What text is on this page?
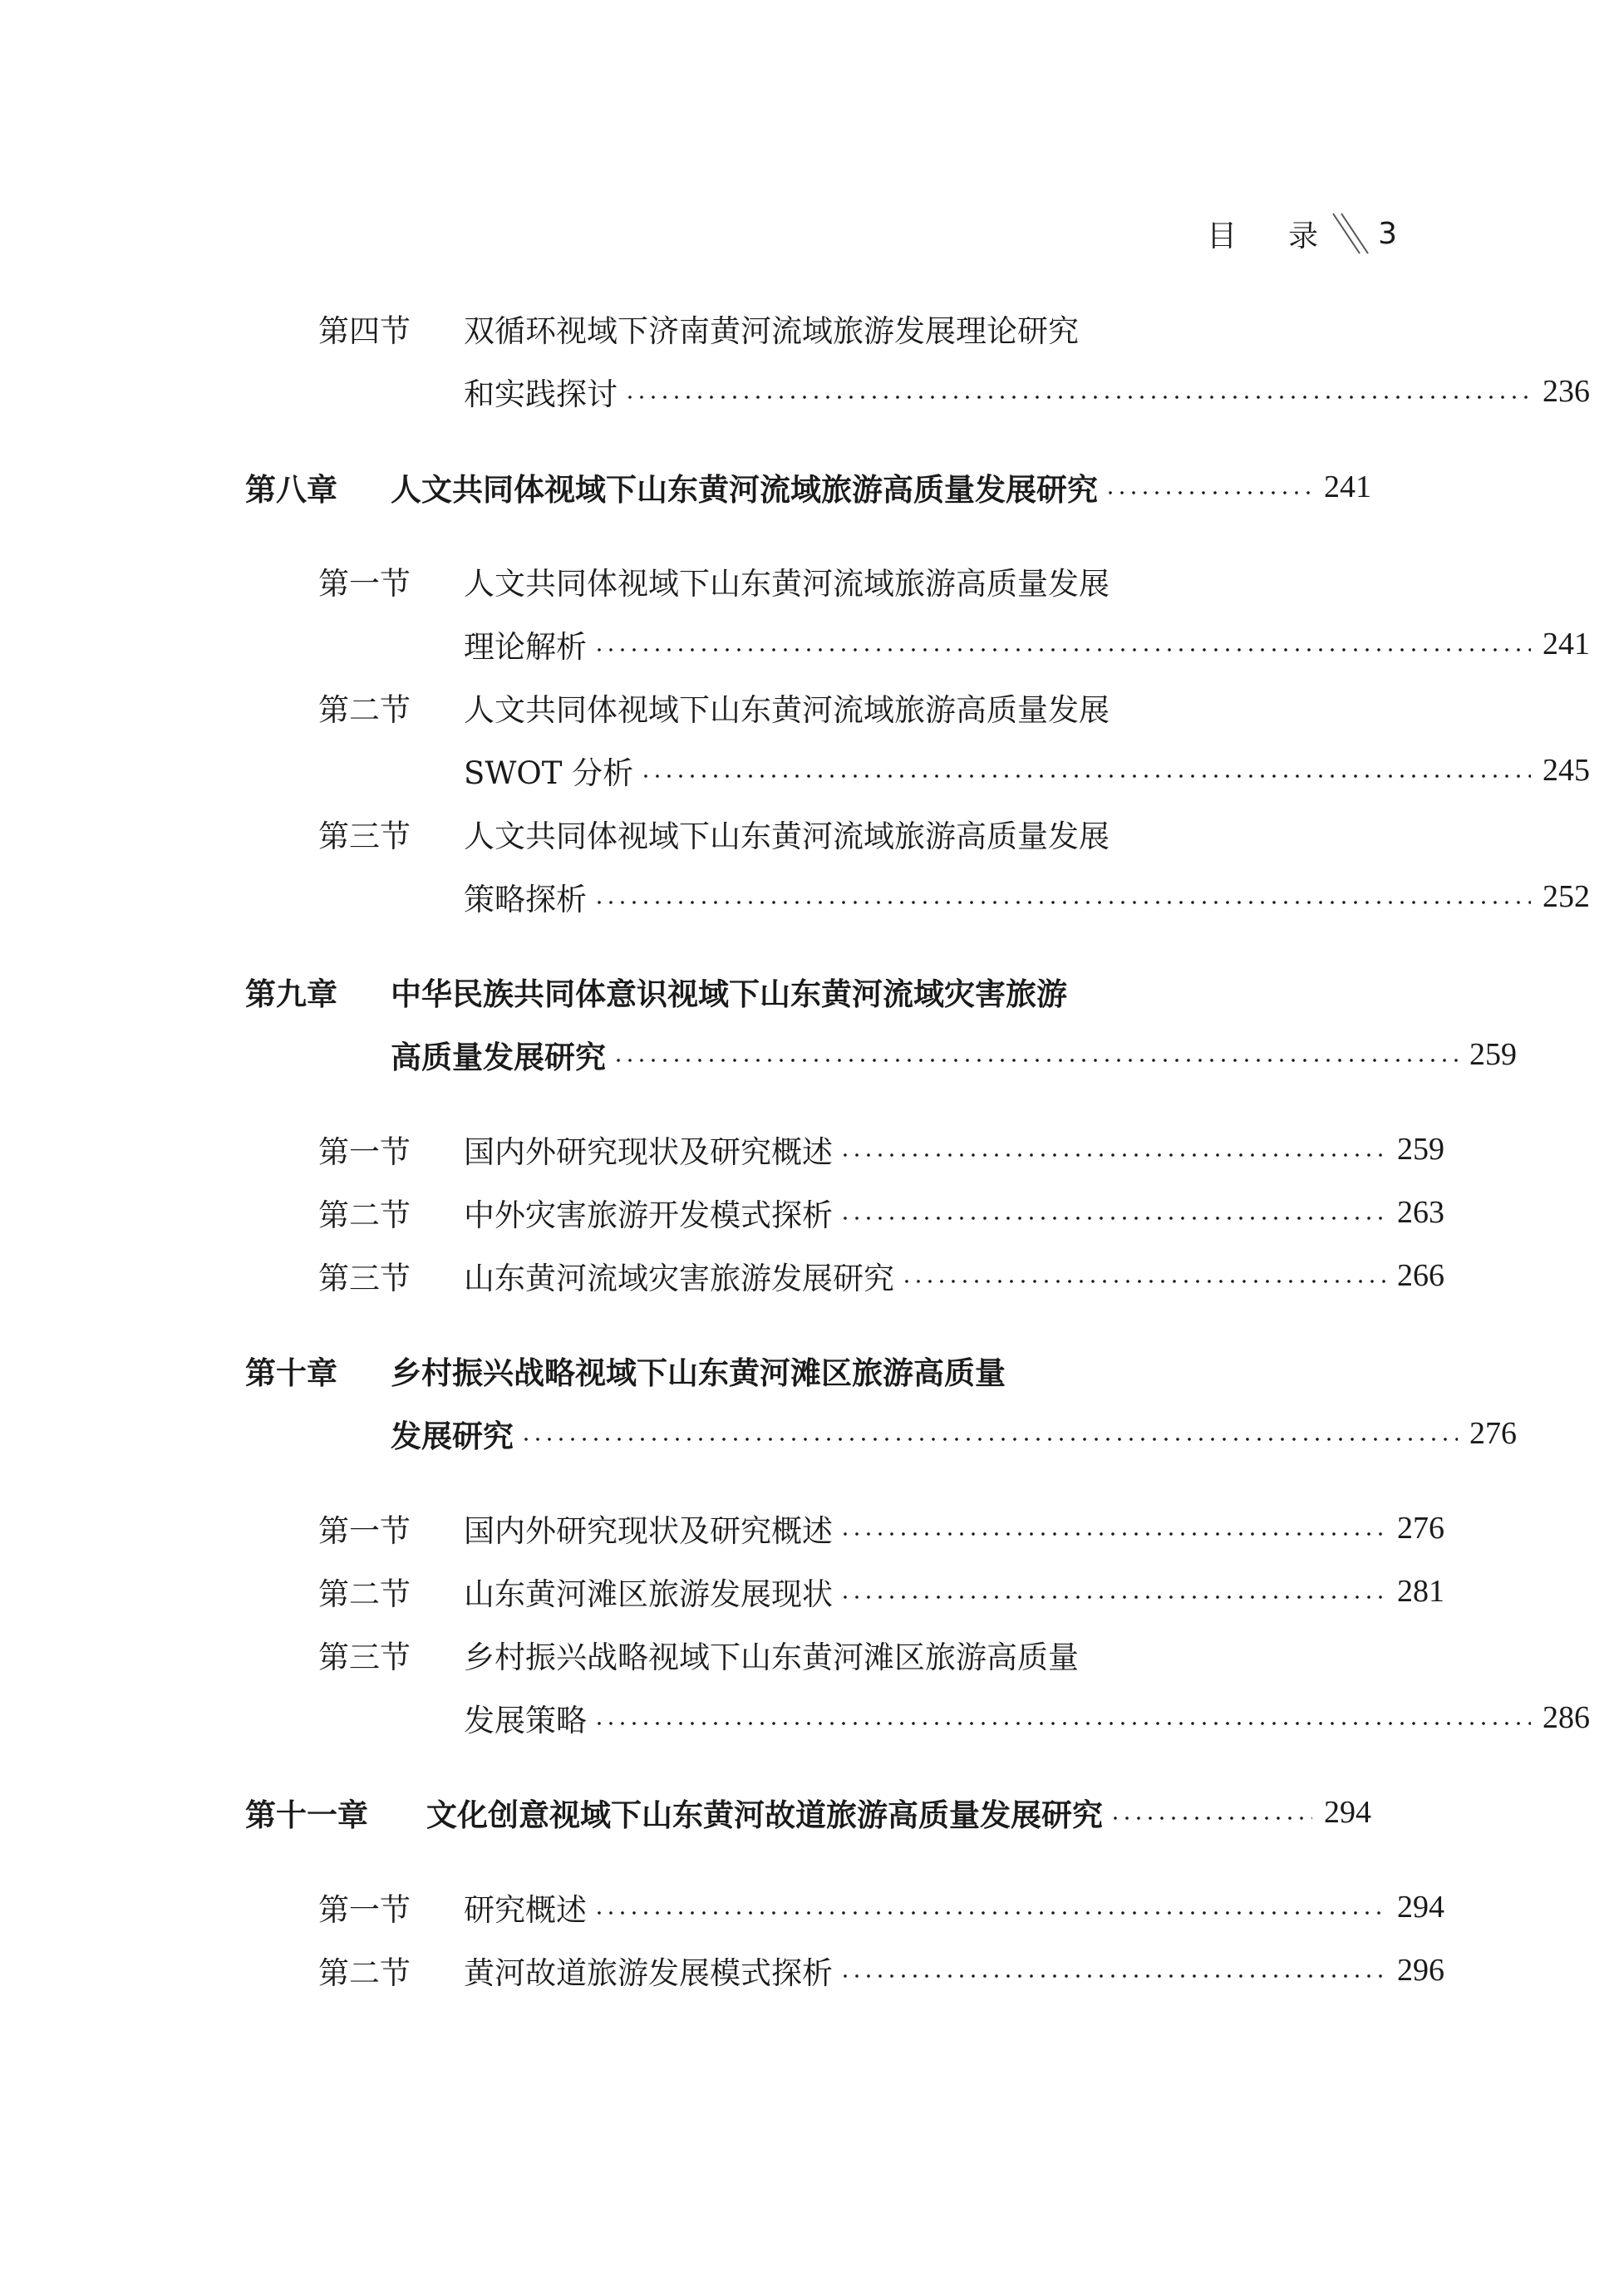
目 录 3
第四节	双循环视域下济南黄河流域旅游发展理论研究
和实践探讨	236
第八章	人文共同体视域下山东黄河流域旅游高质量发展研究	241
第一节	人文共同体视域下山东黄河流域旅游高质量发展
理论解析	241
第二节	人文共同体视域下山东黄河流域旅游高质量发展
SWOT 分析	245
第三节	人文共同体视域下山东黄河流域旅游高质量发展
策略探析	252
第九章	中华民族共同体意识视域下山东黄河流域灾害旅游
高质量发展研究	259
第一节	国内外研究现状及研究概述	259
第二节	中外灾害旅游开发模式探析	263
第三节	山东黄河流域灾害旅游发展研究	266
第十章	乡村振兴战略视域下山东黄河滩区旅游高质量
发展研究	276
第一节	国内外研究现状及研究概述	276
第二节	山东黄河滩区旅游发展现状	281
第三节	乡村振兴战略视域下山东黄河滩区旅游高质量
发展策略	286
第十一章	文化创意视域下山东黄河故道旅游高质量发展研究	294
第一节	研究概述	294
第二节	黄河故道旅游发展模式探析	296
